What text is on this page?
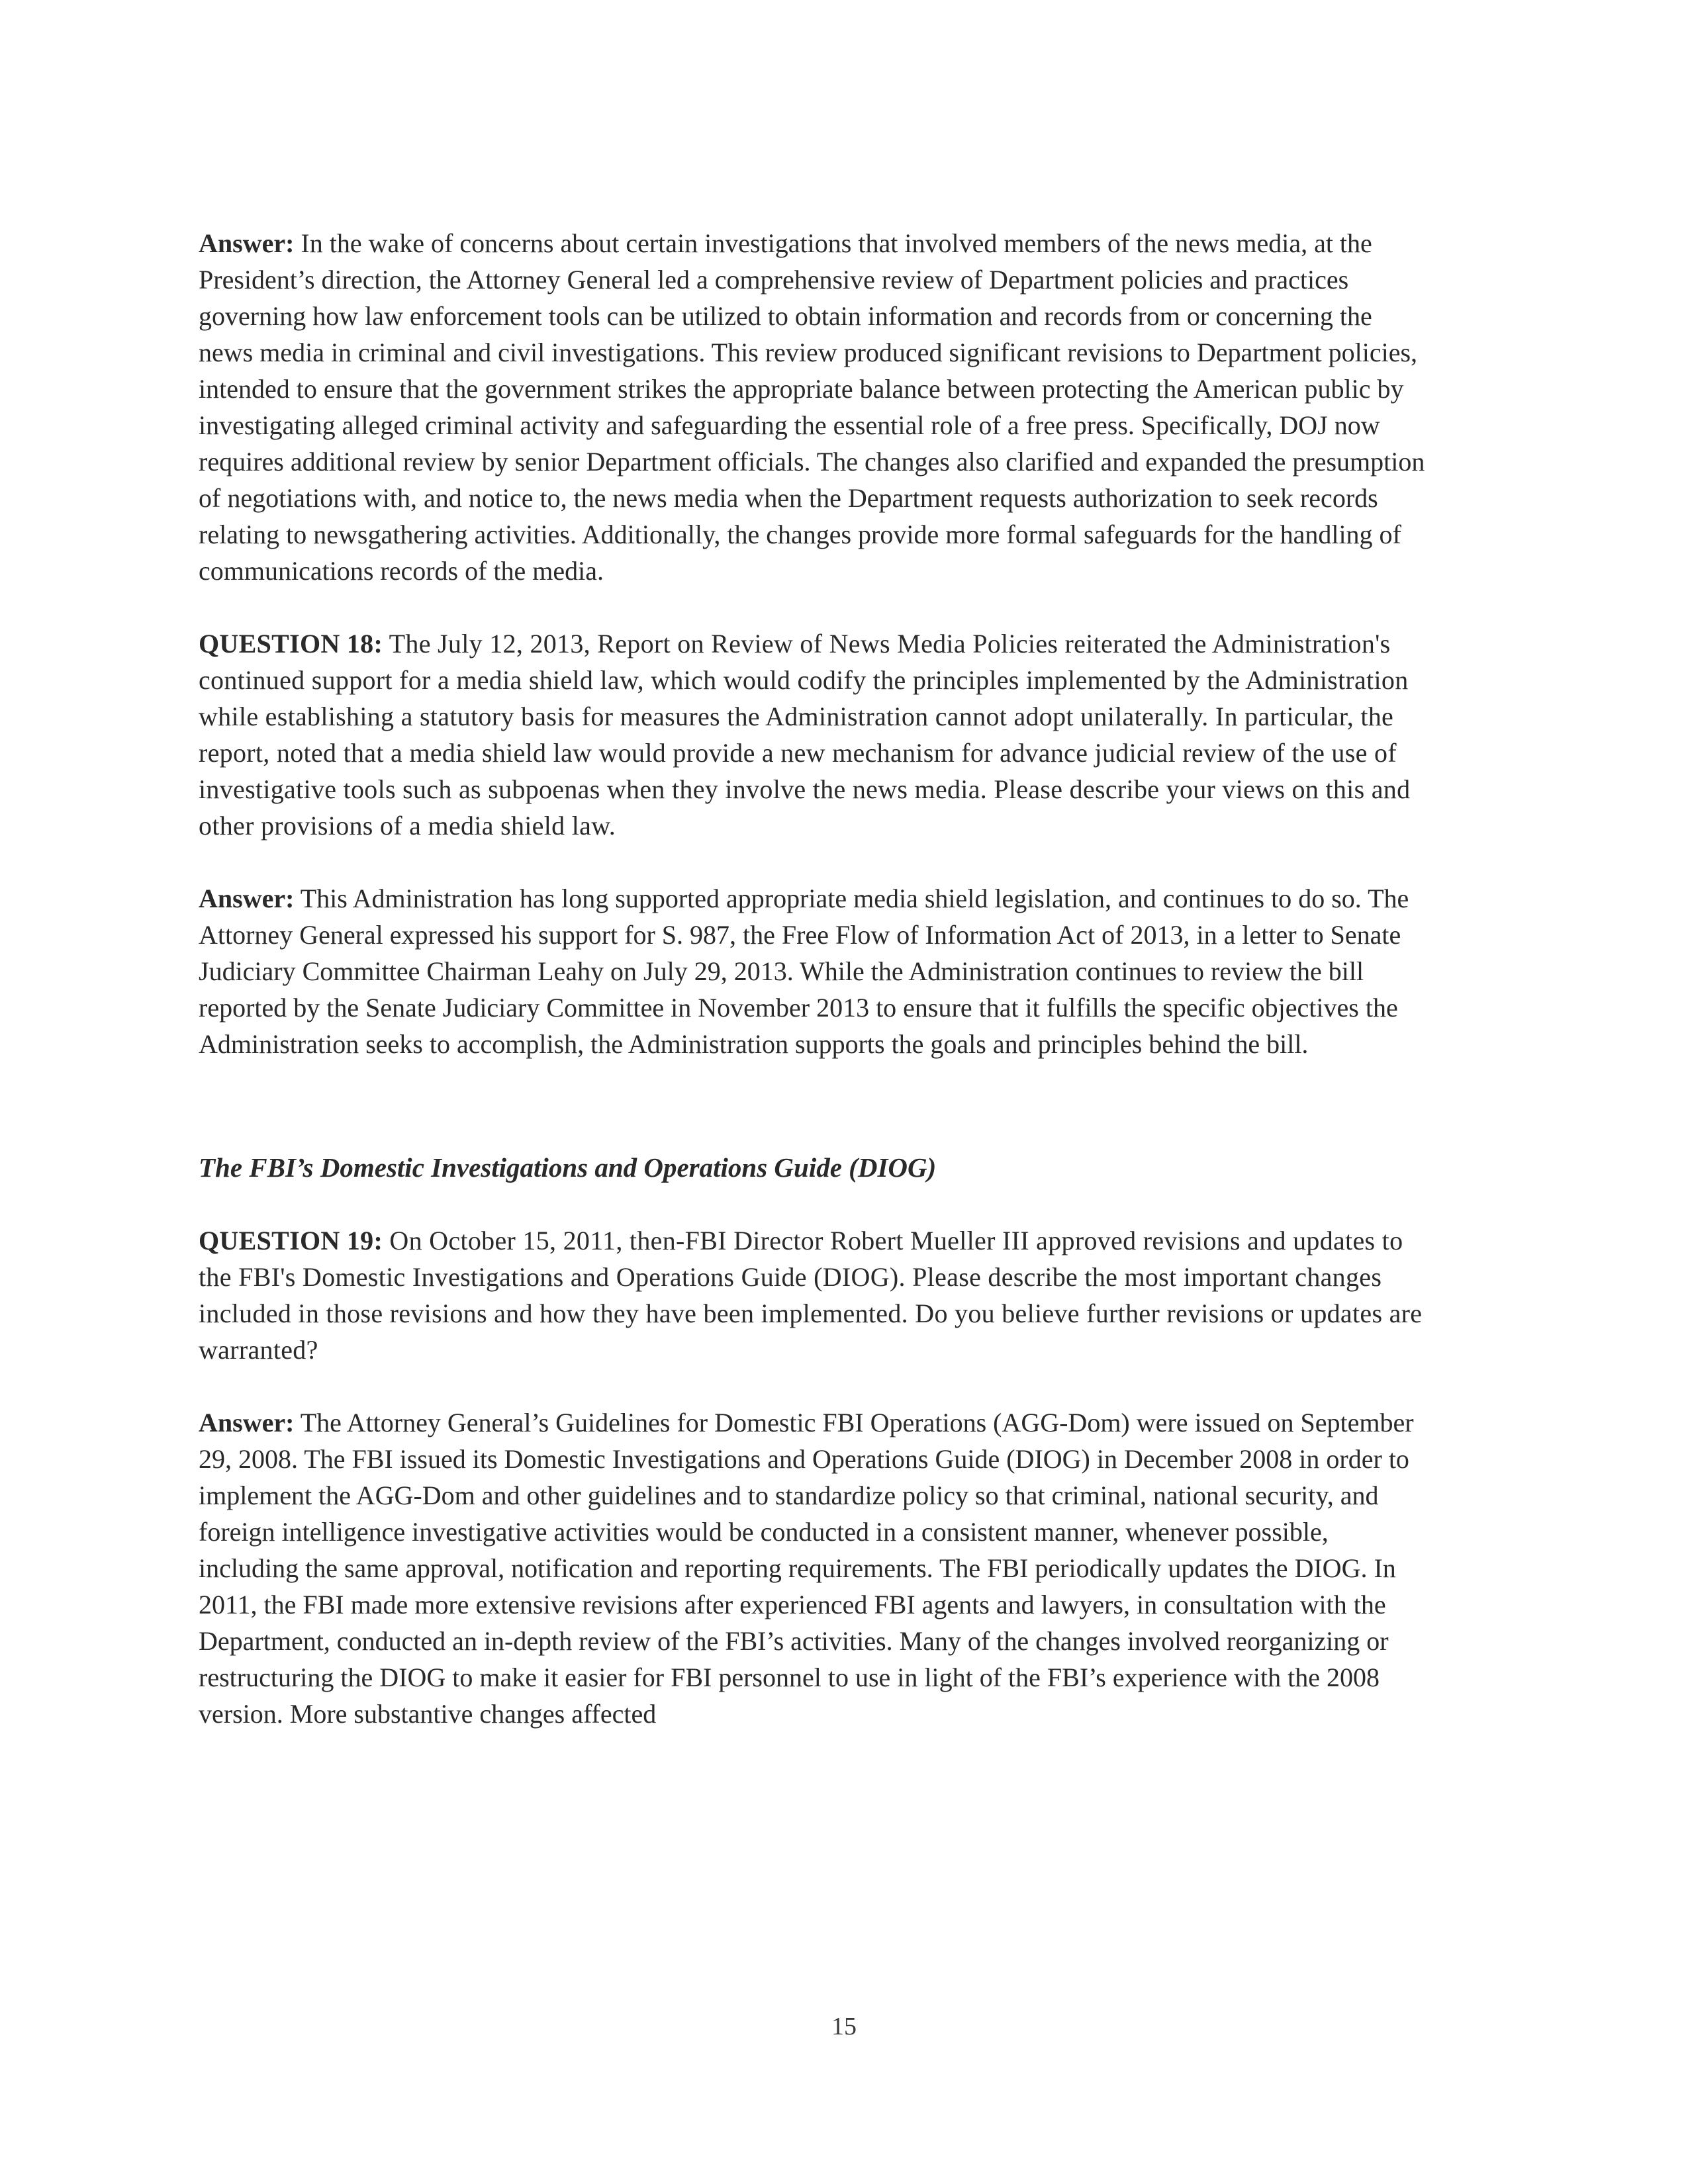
Answer: In the wake of concerns about certain investigations that involved members of the news media, at the President’s direction, the Attorney General led a comprehensive review of Department policies and practices governing how law enforcement tools can be utilized to obtain information and records from or concerning the news media in criminal and civil investigations. This review produced significant revisions to Department policies, intended to ensure that the government strikes the appropriate balance between protecting the American public by investigating alleged criminal activity and safeguarding the essential role of a free press. Specifically, DOJ now requires additional review by senior Department officials. The changes also clarified and expanded the presumption of negotiations with, and notice to, the news media when the Department requests authorization to seek records relating to newsgathering activities. Additionally, the changes provide more formal safeguards for the handling of communications records of the media.

QUESTION 18: The July 12, 2013, Report on Review of News Media Policies reiterated the Administration's continued support for a media shield law, which would codify the principles implemented by the Administration while establishing a statutory basis for measures the Administration cannot adopt unilaterally. In particular, the report, noted that a media shield law would provide a new mechanism for advance judicial review of the use of investigative tools such as subpoenas when they involve the news media. Please describe your views on this and other provisions of a media shield law.

Answer: This Administration has long supported appropriate media shield legislation, and continues to do so. The Attorney General expressed his support for S. 987, the Free Flow of Information Act of 2013, in a letter to Senate Judiciary Committee Chairman Leahy on July 29, 2013. While the Administration continues to review the bill reported by the Senate Judiciary Committee in November 2013 to ensure that it fulfills the specific objectives the Administration seeks to accomplish, the Administration supports the goals and principles behind the bill.

The FBI’s Domestic Investigations and Operations Guide (DIOG)

QUESTION 19: On October 15, 2011, then-FBI Director Robert Mueller III approved revisions and updates to the FBI's Domestic Investigations and Operations Guide (DIOG). Please describe the most important changes included in those revisions and how they have been implemented. Do you believe further revisions or updates are warranted?

Answer: The Attorney General’s Guidelines for Domestic FBI Operations (AGG-Dom) were issued on September 29, 2008. The FBI issued its Domestic Investigations and Operations Guide (DIOG) in December 2008 in order to implement the AGG-Dom and other guidelines and to standardize policy so that criminal, national security, and foreign intelligence investigative activities would be conducted in a consistent manner, whenever possible, including the same approval, notification and reporting requirements. The FBI periodically updates the DIOG. In 2011, the FBI made more extensive revisions after experienced FBI agents and lawyers, in consultation with the Department, conducted an in-depth review of the FBI’s activities. Many of the changes involved reorganizing or restructuring the DIOG to make it easier for FBI personnel to use in light of the FBI’s experience with the 2008 version. More substantive changes affected

15
